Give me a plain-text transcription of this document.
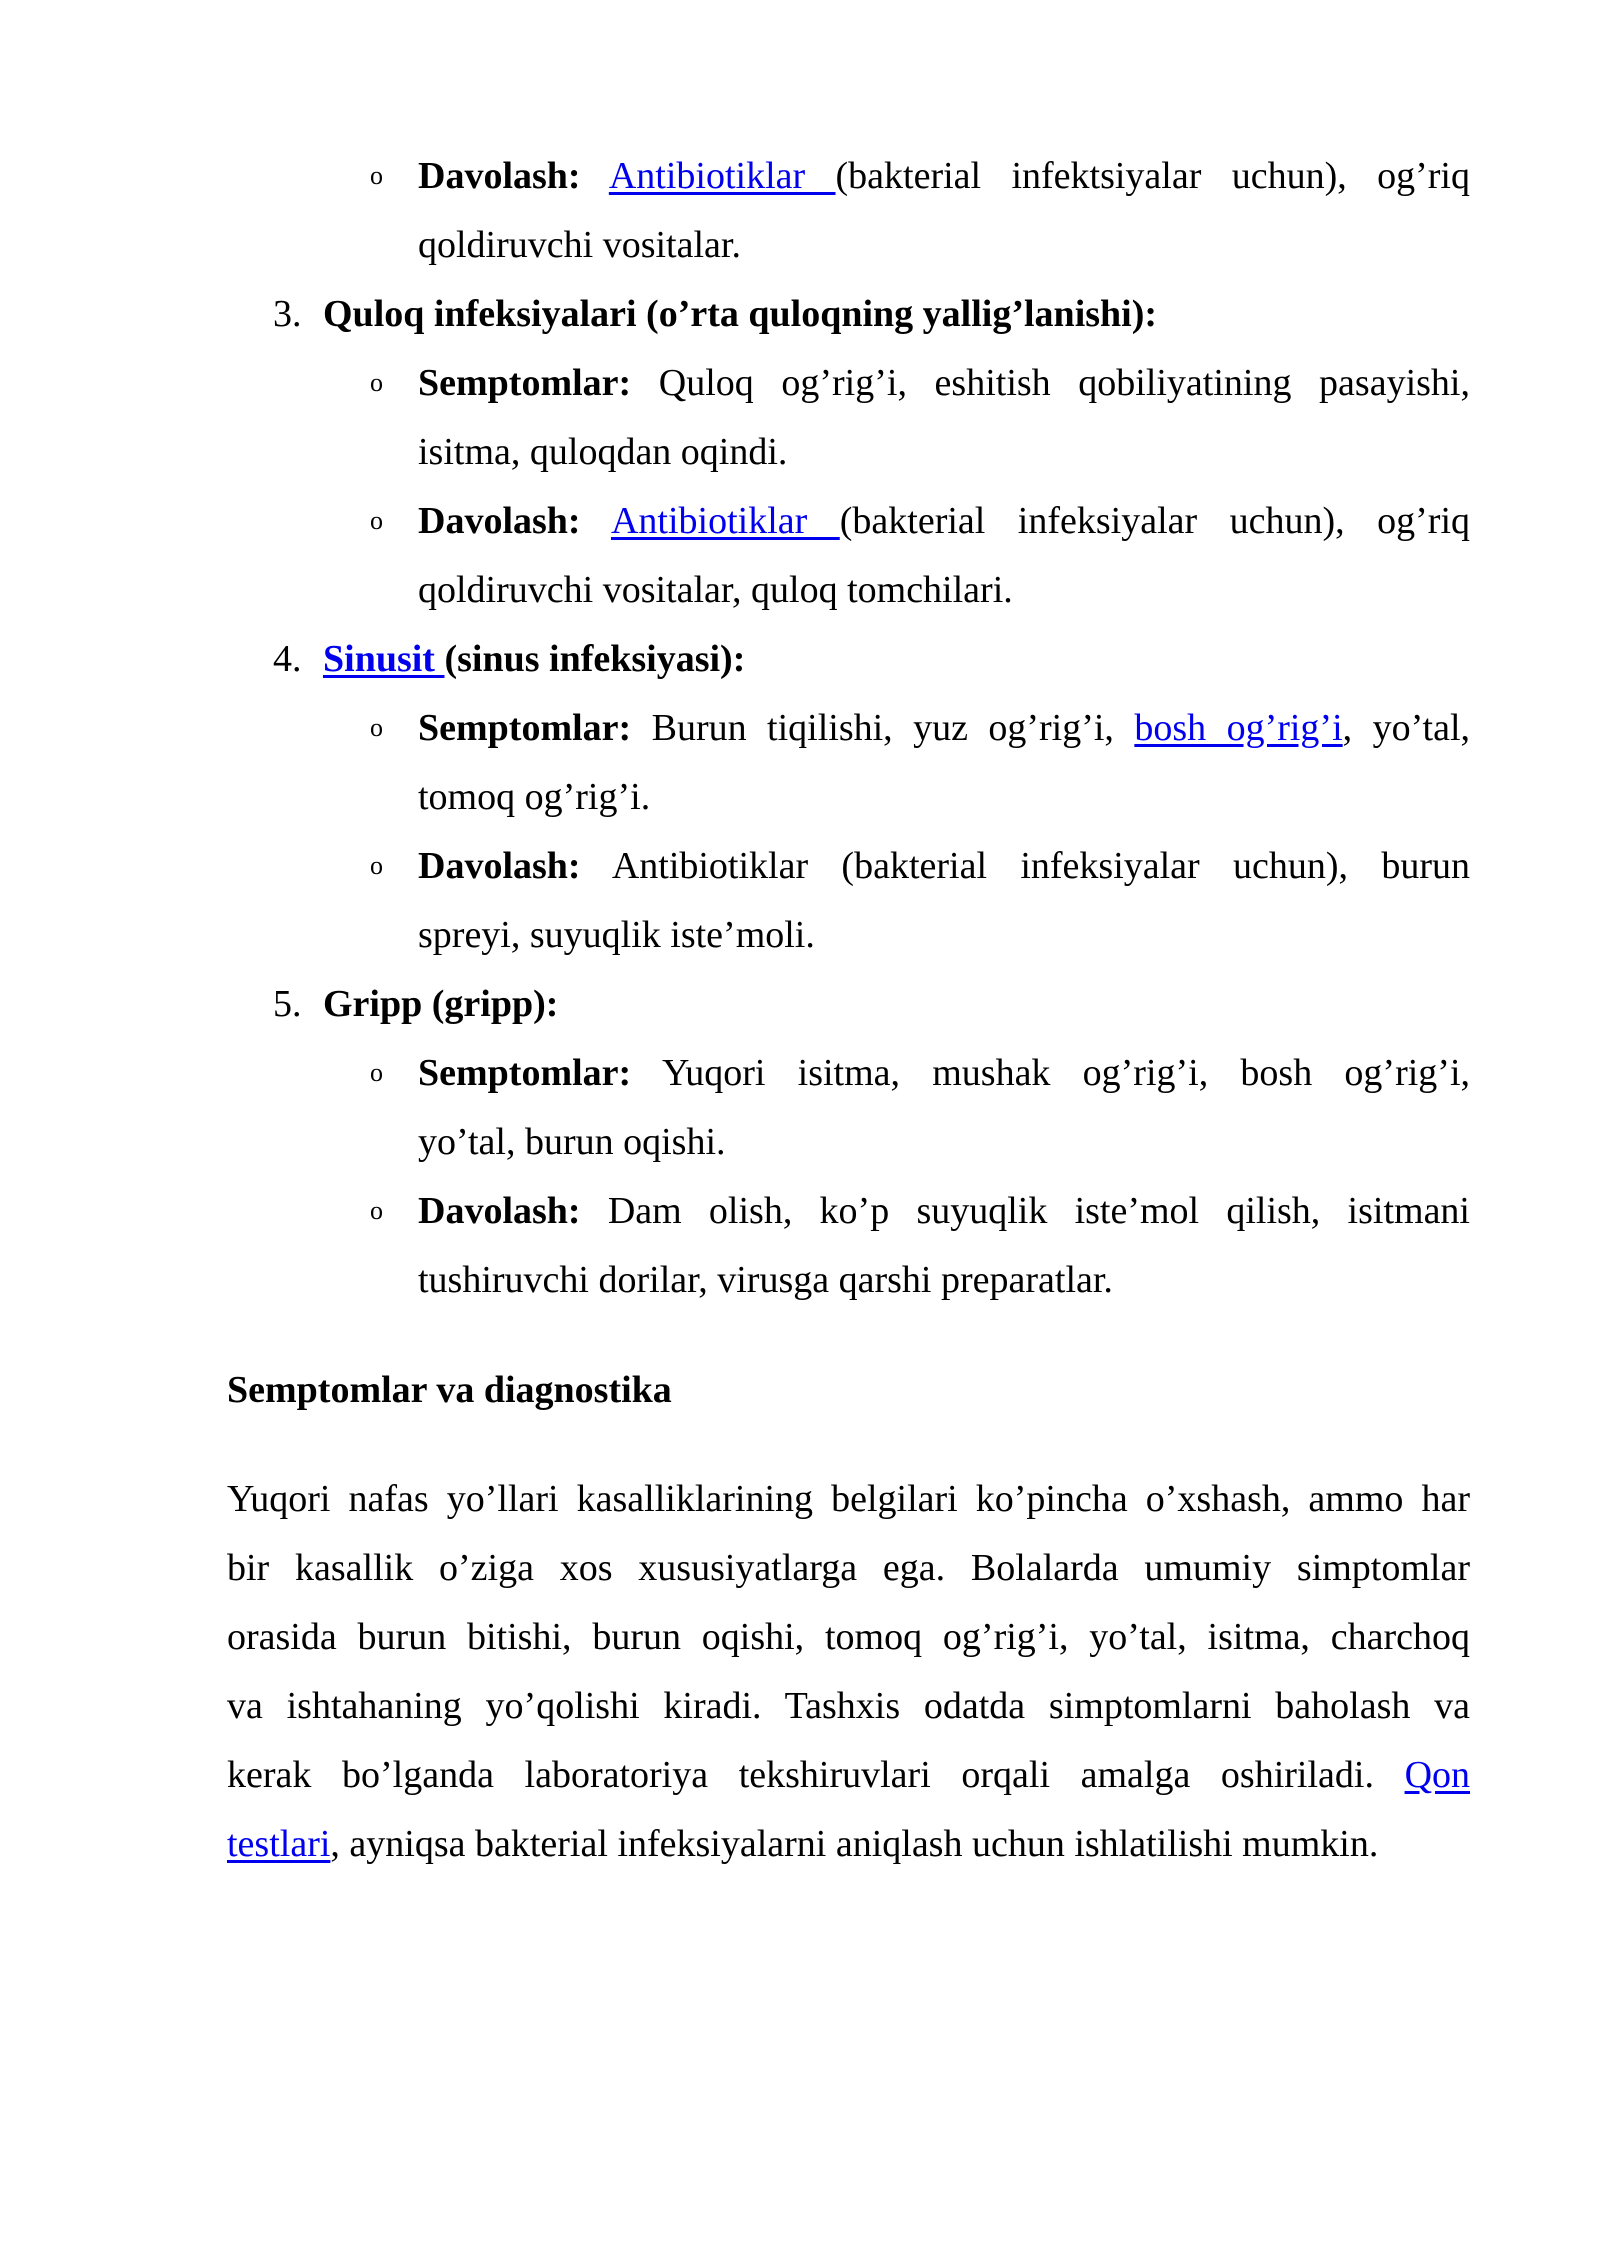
o Davolash: Antibiotiklar (bakterial infektsiyalar uchun), og’riq
qoldiruvchi vositalar.
3. Quloq infeksiyalari (o’rta quloqning yallig’lanishi):
o Semptomlar: Quloq og’rig’i, eshitish qobiliyatining pasayishi,
isitma, quloqdan oqindi.
o Davolash: Antibiotiklar (bakterial infeksiyalar uchun), og’riq
qoldiruvchi vositalar, quloq tomchilari.
4. Sinusit (sinus infeksiyasi):
o Semptomlar: Burun tiqilishi, yuz og’rig’i, bosh og’rig’i, yo’tal,
tomoq og’rig’i.
o Davolash: Antibiotiklar (bakterial infeksiyalar uchun), burun
spreyi, suyuqlik iste’moli.
5. Gripp (gripp):
o Semptomlar: Yuqori isitma, mushak og’rig’i, bosh og’rig’i,
yo’tal, burun oqishi.
o Davolash: Dam olish, ko’p suyuqlik iste’mol qilish, isitmani
tushiruvchi dorilar, virusga qarshi preparatlar.
Semptomlar va diagnostika
Yuqori nafas yo’llari kasalliklarining belgilari ko’pincha o’xshash, ammo har
bir kasallik o’ziga xos xususiyatlarga ega. Bolalarda umumiy simptomlar
orasida burun bitishi, burun oqishi, tomoq og’rig’i, yo’tal, isitma, charchoq
va ishtahaning yo’qolishi kiradi. Tashxis odatda simptomlarni baholash va
kerak bo’lganda laboratoriya tekshiruvlari orqali amalga oshiriladi. Qon
testlari, ayniqsa bakterial infeksiyalarni aniqlash uchun ishlatilishi mumkin.
